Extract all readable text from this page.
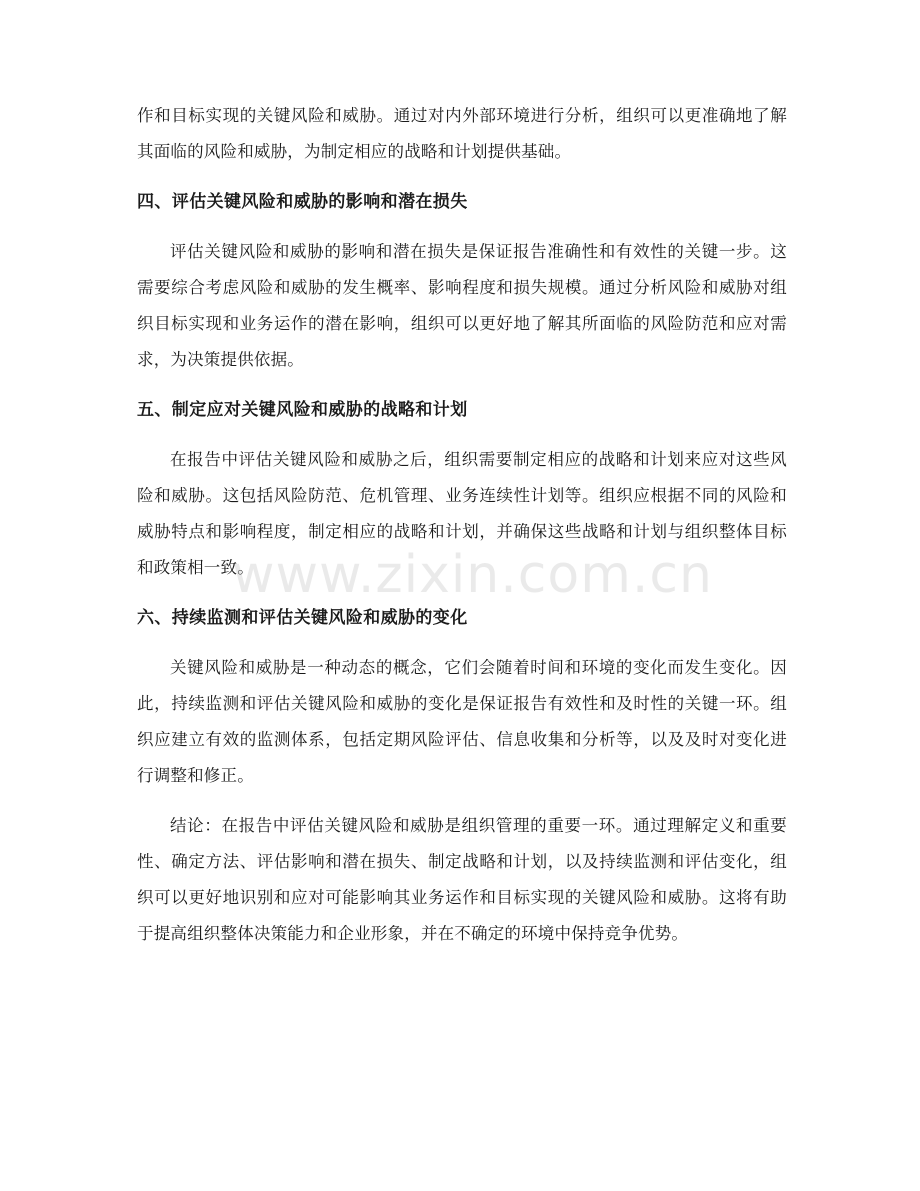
作和目标实现的关键风险和威胁。通过对内外部环境进行分析，组织可以更准确地了解其面临的风险和威胁，为制定相应的战略和计划提供基础。

四、评估关键风险和威胁的影响和潜在损失

评估关键风险和威胁的影响和潜在损失是保证报告准确性和有效性的关键一步。这需要综合考虑风险和威胁的发生概率、影响程度和损失规模。通过分析风险和威胁对组织目标实现和业务运作的潜在影响，组织可以更好地了解其所面临的风险防范和应对需求，为决策提供依据。

五、制定应对关键风险和威胁的战略和计划

在报告中评估关键风险和威胁之后，组织需要制定相应的战略和计划来应对这些风险和威胁。这包括风险防范、危机管理、业务连续性计划等。组织应根据不同的风险和威胁特点和影响程度，制定相应的战略和计划，并确保这些战略和计划与组织整体目标和政策相一致。

六、持续监测和评估关键风险和威胁的变化

关键风险和威胁是一种动态的概念，它们会随着时间和环境的变化而发生变化。因此，持续监测和评估关键风险和威胁的变化是保证报告有效性和及时性的关键一环。组织应建立有效的监测体系，包括定期风险评估、信息收集和分析等，以及及时对变化进行调整和修正。

结论：在报告中评估关键风险和威胁是组织管理的重要一环。通过理解定义和重要性、确定方法、评估影响和潜在损失、制定战略和计划，以及持续监测和评估变化，组织可以更好地识别和应对可能影响其业务运作和目标实现的关键风险和威胁。这将有助于提高组织整体决策能力和企业形象，并在不确定的环境中保持竞争优势。

www.zixin.com.cn
